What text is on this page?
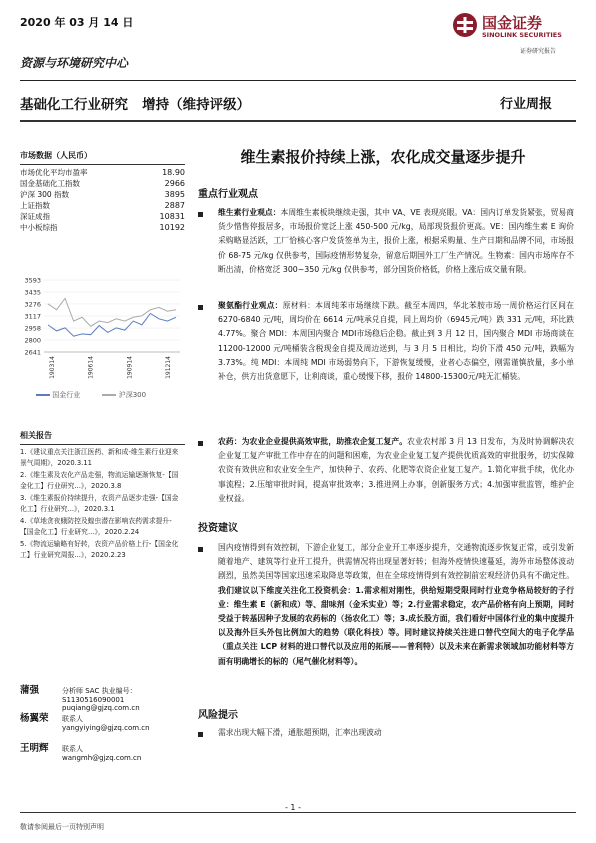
2020 年 03 月 14 日	国金证券
SINOLINK SECURITIES
证券研究报告
资源与环境研究中心
基础化工行业研究   增持（维持评级）	行业周报
市场数据（人民币）
市场优化平均市盈率	18.90
国金基础化工指数	2966
沪深 300 指数	3895
上证指数	2887
深证成指	10831
中小板综指	10192
3593
3435
3276
3117
2958
2800
2641
190314	190614	190914	191214
国金行业	沪深300
相关报告
1.《建议重点关注浙江医药、新和成-维生素行业迎来景气周期》，2020.3.11
2.《维生素及农化产品走强，物流运输逐渐恢复-【国金化工】行业研究...》，2020.3.8
3.《维生素报价持续提升，农资产品逐步走强-【国金化工】行业研究...》，2020.3.1
4.《草地贪夜蛾防控及蝗虫潜在影响农药需求提升-【国金化工】行业研究...》，2020.2.24
5.《物流运输略有好转，农资产品价格上行-【国金化工】行业研究周报...》，2020.2.23
蒲强	分析师 SAC 执业编号：S1130516090001
puqiang@gjzq.com.cn
杨翼荣	联系人
yangyiying@gjzq.com.cn
王明辉	联系人
wangmh@gjzq.com.cn
维生素报价持续上涨，农化成交量逐步提升
重点行业观点
维生素行业观点：本周维生素板块继续走强，其中 VA、VE 表现亮眼。VA：国内订单发货紧张，贸易商货少惜售停报居多，市场报价宽泛上涨 450-500 元/kg，局部现货报价更高。VE：国内维生素 E 询价采购略显活跃，工厂恰核心客户发货签单为主，报价上涨，根据采购量、生产日期和品牌不同，市场报价 68-75 元/kg 仅供参考，国际疫情形势复杂，留意后期国外工厂生产情况。生物素：国内市场库存不断出清，价格宽泛 300~350 元/kg 仅供参考，部分国货价格低，价格上涨后成交量有限。
聚氨酯行业观点：原材料：本周纯苯市场继续下跌。截至本周四，华北苯胺市场一周价格运行区间在 6270-6840 元/吨，周均价在 6614 元/吨承兑自提，同上周均价（6945元/吨）跌 331 元/吨，环比跌 4.77%。聚合 MDI：本周国内聚合 MDI市场稳后企稳。截止到 3 月 12 日，国内聚合 MDI 市场商谈在 11200-12000 元/吨桶装含税现金自提及周边送到，与 3 月 5 日相比，均价下滑 450 元/吨，跌幅为 3.73%。纯 MDI：本周纯 MDI 市场弱势向下，下游恢复缓慢，业者心态偏空，刚需谨慎放量，多小单补仓，供方出货意愿下，让利商谈，重心缓慢下移，报价 14800-15300元/吨无汇桶装。
农药：为农业企业提供高效审批，助推农企复工复产。农业农村部 3 月 13 日发布，为及时协调解决农企业复工复产审批工作中存在的问题和困难，为农业企业复工复产提供优质高效的审批服务，切实保障农资有效供应和农业安全生产，加快种子、农药、化肥等农资企业复工复产。1.简化审批手续，优化办事流程；2.压缩审批时间，提高审批效率；3.推进网上办事，创新服务方式；4.加强审批监管，维护企业权益。
投资建议
国内疫情得到有效控制，下游企业复工，部分企业开工率逐步提升，交通物流逐步恢复正常，或引发新随着地产、建筑等行业开工提升，供需情况将出现显著好转；但海外疫情快速蔓延，海外市场整体波动剧烈，虽然美国等国家迅速采取降息等政策，但在全球疫情得到有效控制前宏观经济仍具有不确定性。我们建议以下维度关注化工投资机会：1.需求相对刚性，供给短期受限同时行业竞争格局较好的子行业：维生素 E（新和成）等、甜味剂（金禾实业）等；2.行业需求稳定，农产品价格有向上预期，同时受益于转基因种子发展的农药标的（扬农化工）等；3.成长股方面，我们看好中国体行业的集中度提升以及海外巨头外包比例加大的趋势（联化科技）等。同时建议持续关注进口替代空间大的电子化学品（重点关注 LCP 材料的进口替代以及应用的拓展——普利特）以及未来在新需求领域加功能材料等方面有明确增长的标的（尾气催化材料等）。
风险提示
需求出现大幅下滑，通胀超预期，汇率出现波动
- 1 -
敬请参阅最后一页特别声明
